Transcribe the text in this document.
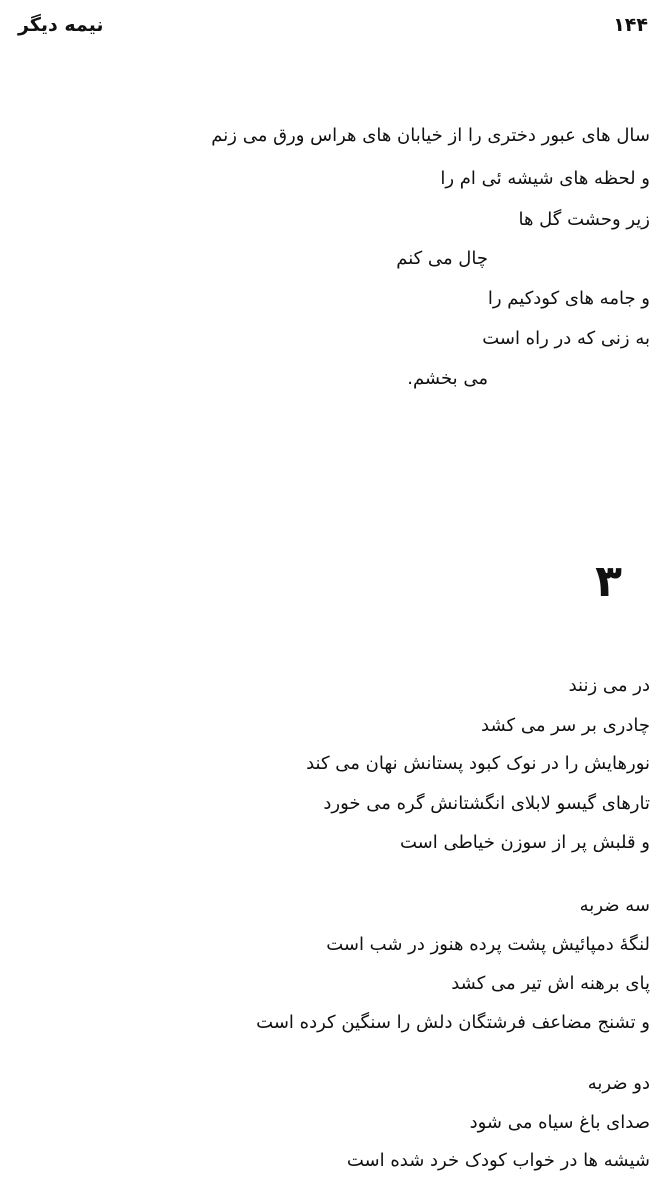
نیمه دیگر	۱۴۴
سال های عبور دختری را از خیابان های هراس ورق می زنم
و لحظه های شیشه ئی ام را
زیر وحشت گل ها
چال می کنم
و جامه های کودکیم را
به زنی که در راه است
می بخشم.
۳
در می زنند
چادری بر سر می کشد
نورهایش را در نوک کبود پستانش نهان می کند
تارهای گیسو لابلای انگشتانش گره می خورد
و قلبش پر از سوزن خیاطی است
سه ضربه
لنگهٔ دمپائیش پشت پرده هنوز در شب است
پای برهنه اش تیر می کشد
و تشنج مضاعف فرشتگان دلش را سنگین کرده است
دو ضربه
صدای باغ سیاه می شود
شیشه ها در خواب کودک خرد شده است
